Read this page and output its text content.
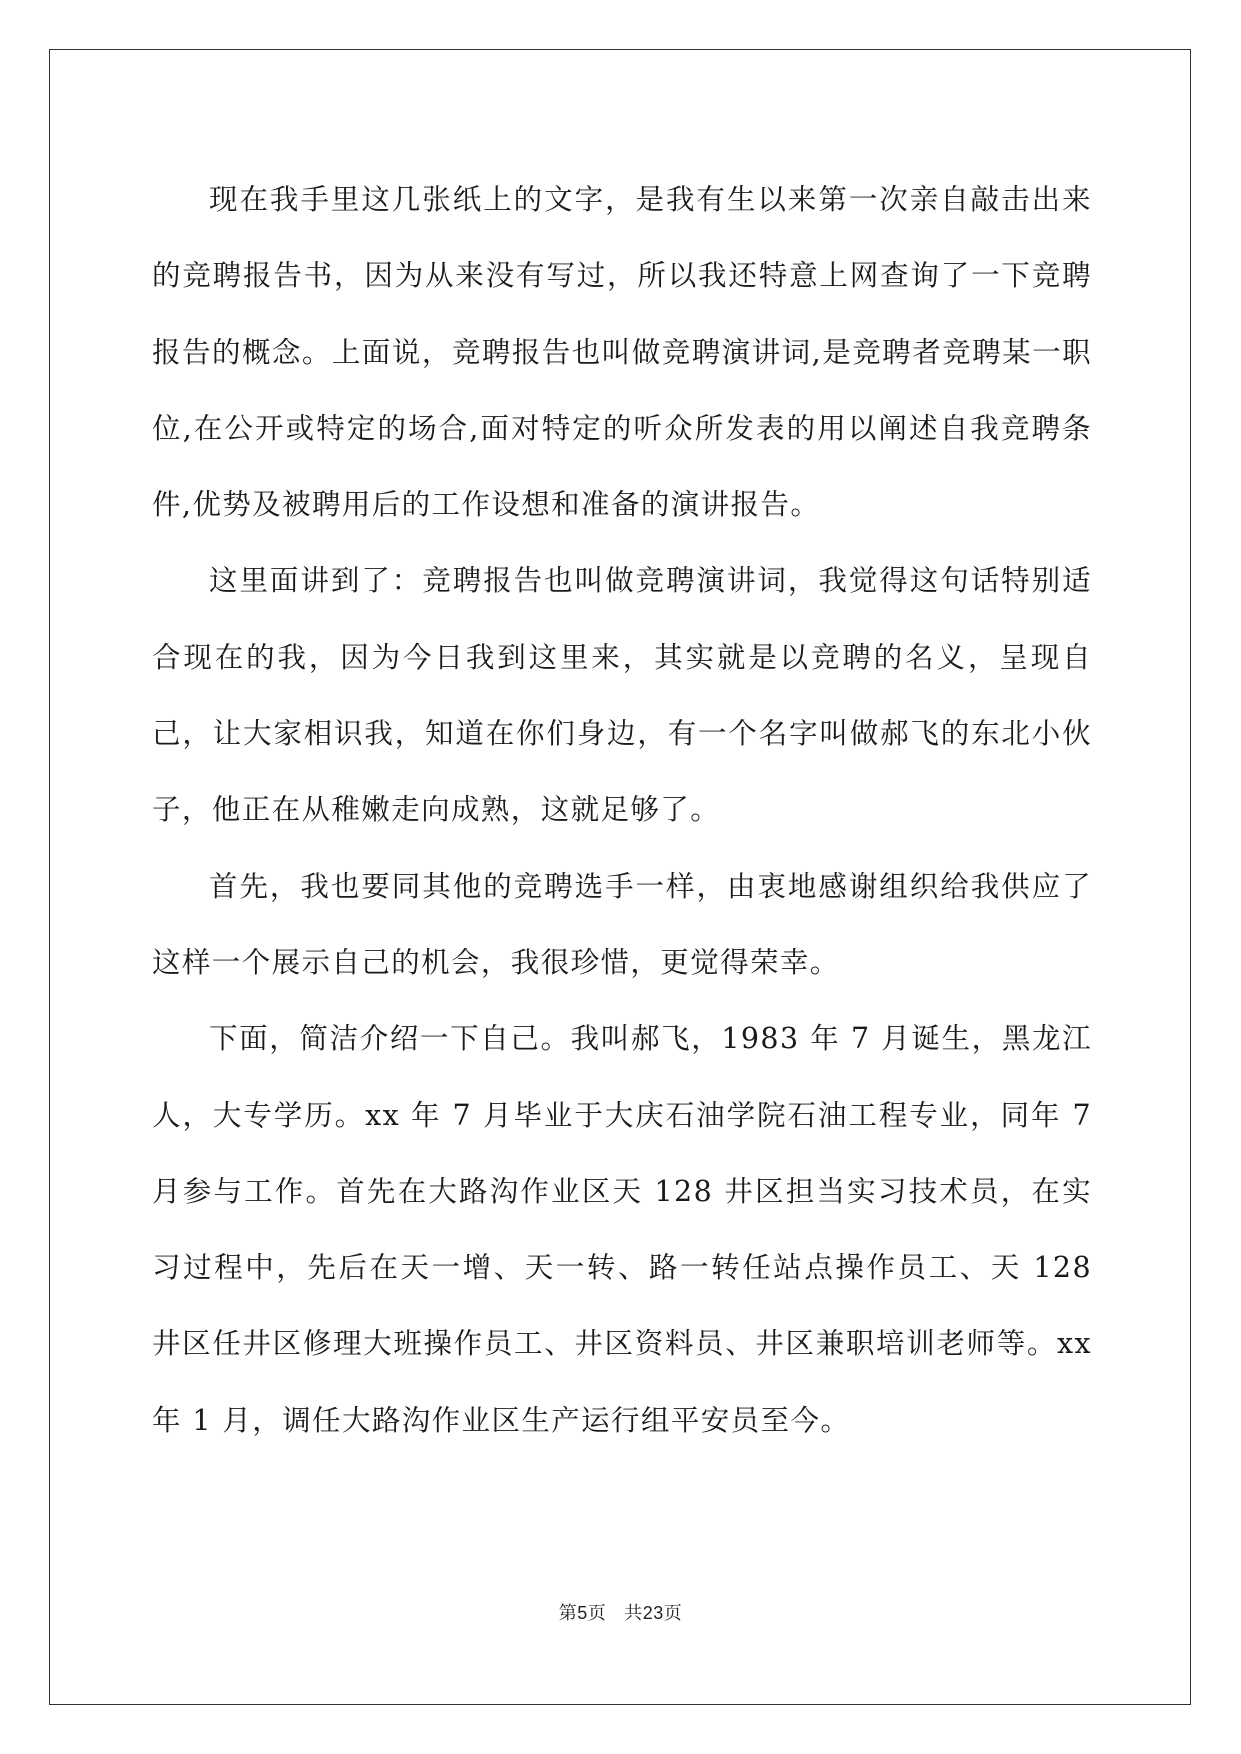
现在我手里这几张纸上的文字，是我有生以来第一次亲自敲击出来的竞聘报告书，因为从来没有写过，所以我还特意上网查询了一下竞聘报告的概念。上面说，竞聘报告也叫做竞聘演讲词,是竞聘者竞聘某一职位,在公开或特定的场合,面对特定的听众所发表的用以阐述自我竞聘条件,优势及被聘用后的工作设想和准备的演讲报告。

这里面讲到了：竞聘报告也叫做竞聘演讲词，我觉得这句话特别适合现在的我，因为今日我到这里来，其实就是以竞聘的名义，呈现自己，让大家相识我，知道在你们身边，有一个名字叫做郝飞的东北小伙子，他正在从稚嫩走向成熟，这就足够了。

首先，我也要同其他的竞聘选手一样，由衷地感谢组织给我供应了这样一个展示自己的机会，我很珍惜，更觉得荣幸。

下面，简洁介绍一下自己。我叫郝飞，1983 年 7 月诞生，黑龙江人，大专学历。xx 年 7 月毕业于大庆石油学院石油工程专业，同年 7 月参与工作。首先在大路沟作业区天 128 井区担当实习技术员，在实习过程中，先后在天一增、天一转、路一转任站点操作员工、天 128 井区任井区修理大班操作员工、井区资料员、井区兼职培训老师等。xx 年 1 月，调任大路沟作业区生产运行组平安员至今。

第5页 共23页
